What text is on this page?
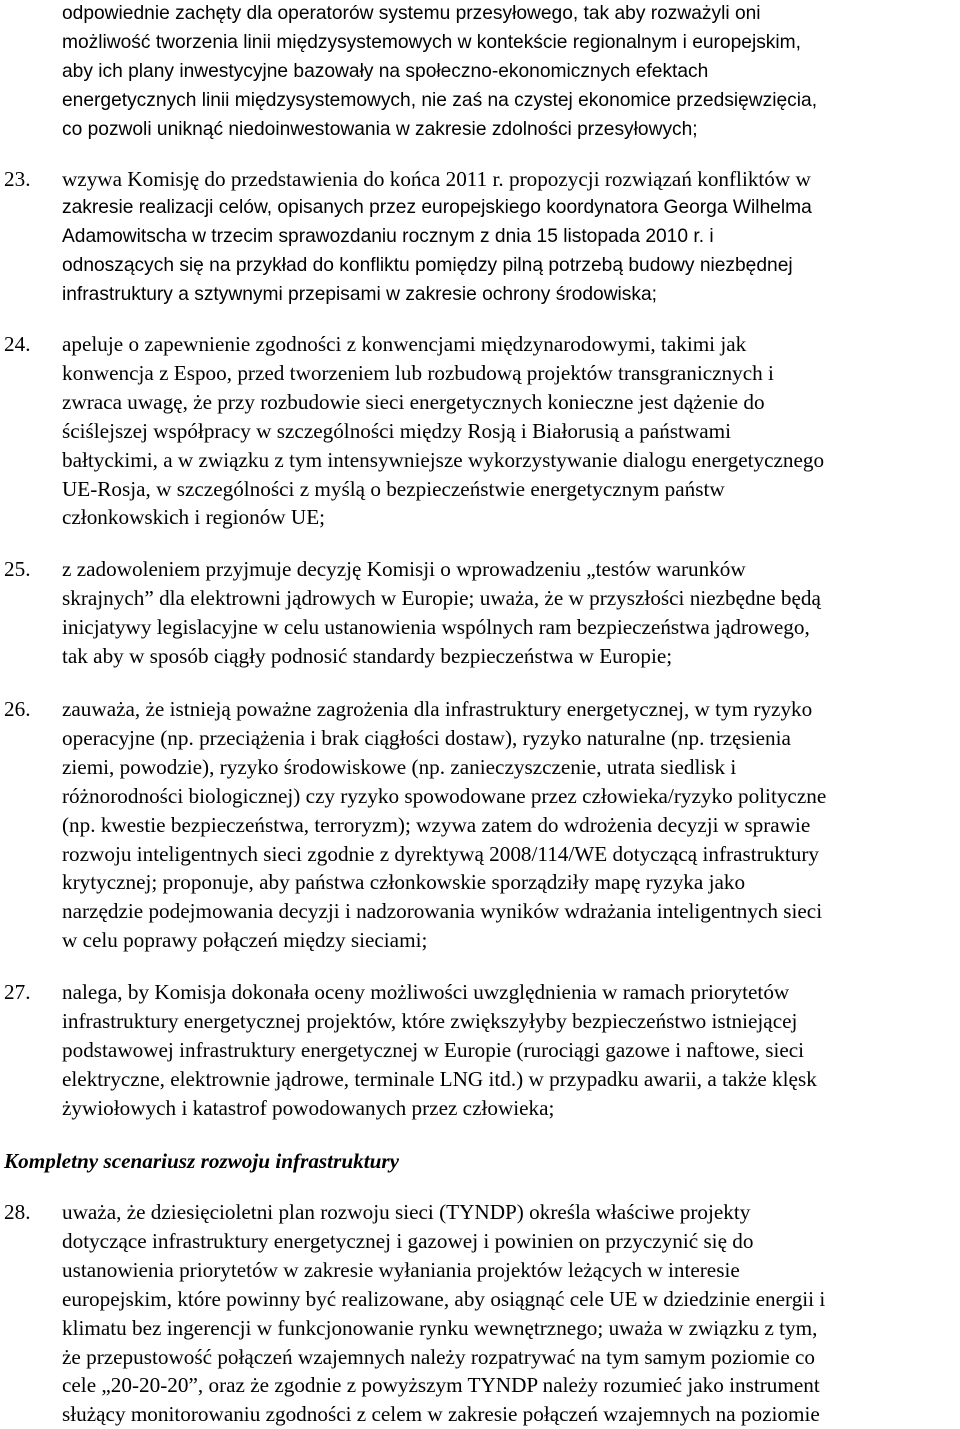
odpowiednie zachęty dla operatorów systemu przesyłowego, tak aby rozważyli oni
możliwość tworzenia linii międzysystemowych w kontekście regionalnym i europejskim,
aby ich plany inwestycyjne bazowały na społeczno-ekonomicznych efektach
energetycznych linii międzysystemowych, nie zaś na czystej ekonomice przedsięwzięcia,
co pozwoli uniknąć niedoinwestowania w zakresie zdolności przesyłowych;
23. wzywa Komisję do przedstawienia do końca 2011 r. propozycji rozwiązań konfliktów w
zakresie realizacji celów, opisanych przez europejskiego koordynatora Georga Wilhelma
Adamowitscha w trzecim sprawozdaniu rocznym z dnia 15 listopada 2010 r. i
odnoszących się na przykład do konfliktu pomiędzy pilną potrzebą budowy niezbędnej
infrastruktury a sztywnymi przepisami w zakresie ochrony środowiska;
24. apeluje o zapewnienie zgodności z konwencjami międzynarodowymi, takimi jak
konwencja z Espoo, przed tworzeniem lub rozbudową projektów transgranicznych i
zwraca uwagę, że przy rozbudowie sieci energetycznych konieczne jest dążenie do
ściślejszej współpracy w szczególności między Rosją i Białorusią a państwami
bałtyckimi, a w związku z tym intensywniejsze wykorzystywanie dialogu energetycznego
UE-Rosja, w szczególności z myślą o bezpieczeństwie energetycznym państw
członkowskich i regionów UE;
25. z zadowoleniem przyjmuje decyzję Komisji o wprowadzeniu „testów warunków
skrajnych” dla elektrowni jądrowych w Europie; uważa, że w przyszłości niezbędne będą
inicjatywy legislacyjne w celu ustanowienia wspólnych ram bezpieczeństwa jądrowego,
tak aby w sposób ciągły podnosić standardy bezpieczeństwa w Europie;
26. zauważa, że istnieją poważne zagrożenia dla infrastruktury energetycznej, w tym ryzyko
operacyjne (np. przeciążenia i brak ciągłości dostaw), ryzyko naturalne (np. trzęsienia
ziemi, powodzie), ryzyko środowiskowe (np. zanieczyszczenie, utrata siedlisk i
różnorodności biologicznej) czy ryzyko spowodowane przez człowieka/ryzyko polityczne
(np. kwestie bezpieczeństwa, terroryzm); wzywa zatem do wdrożenia decyzji w sprawie
rozwoju inteligentnych sieci zgodnie z dyrektywą 2008/114/WE dotyczącą infrastruktury
krytycznej; proponuje, aby państwa członkowskie sporządziły mapę ryzyka jako
narzędzie podejmowania decyzji i nadzorowania wyników wdrażania inteligentnych sieci
w celu poprawy połączeń między sieciami;
27. nalega, by Komisja dokonała oceny możliwości uwzględnienia w ramach priorytetów
infrastruktury energetycznej projektów, które zwiększyłyby bezpieczeństwo istniejącej
podstawowej infrastruktury energetycznej w Europie (rurociągi gazowe i naftowe, sieci
elektryczne, elektrownie jądrowe, terminale LNG itd.) w przypadku awarii, a także klęsk
żywiołowych i katastrof powodowanych przez człowieka;
Kompletny scenariusz rozwoju infrastruktury
28. uważa, że dziesięcioletni plan rozwoju sieci (TYNDP) określa właściwe projekty
dotyczące infrastruktury energetycznej i gazowej i powinien on przyczynić się do
ustanowienia priorytetów w zakresie wyłaniania projektów leżących w interesie
europejskim, które powinny być realizowane, aby osiągnąć cele UE w dziedzinie energii i
klimatu bez ingerencji w funkcjonowanie rynku wewnętrznego; uważa w związku z tym,
że przepustowość połączeń wzajemnych należy rozpatrywać na tym samym poziomie co
cele „20-20-20”, oraz że zgodnie z powyższym TYNDP należy rozumieć jako instrument
służący monitorowaniu zgodności z celem w zakresie połączeń wzajemnych na poziomie
